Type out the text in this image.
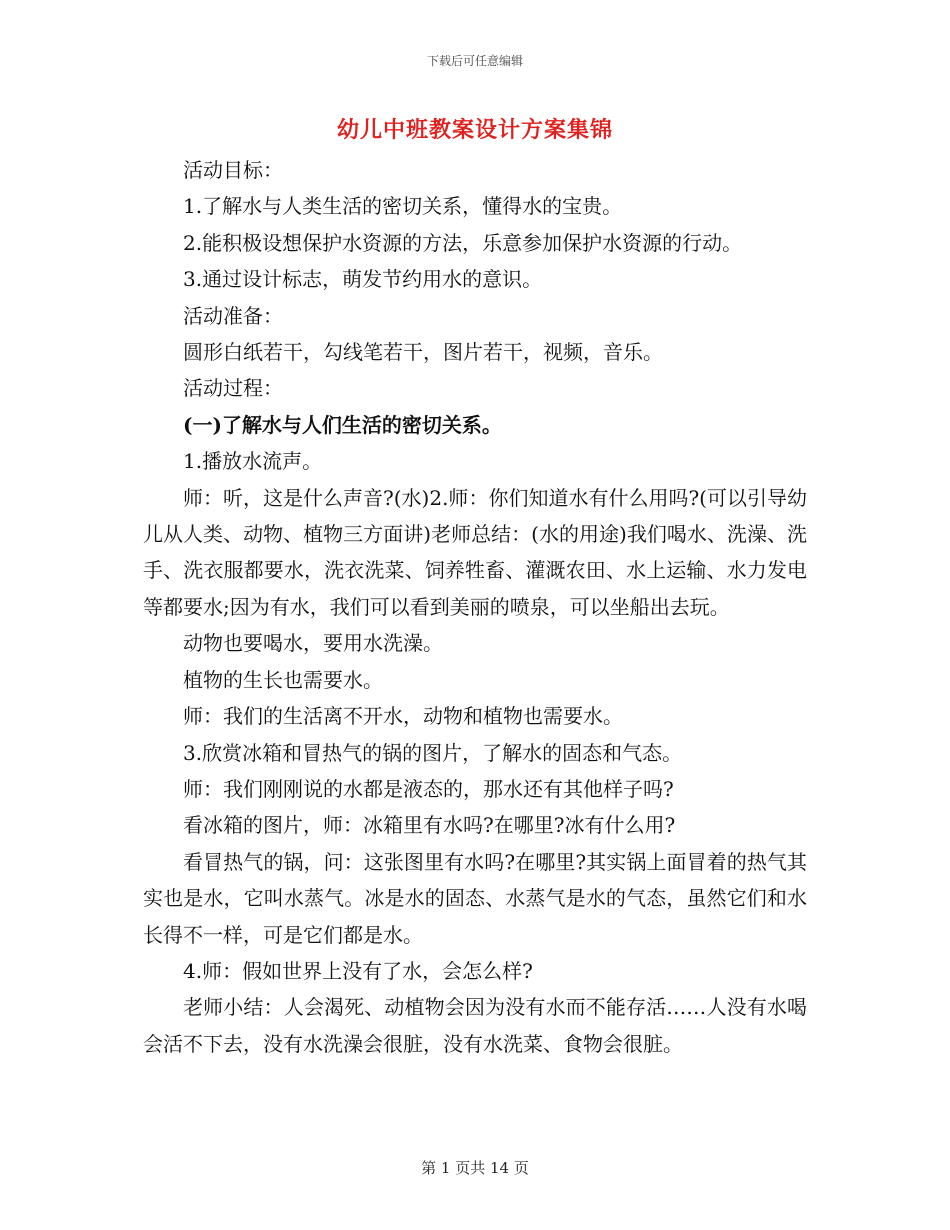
下载后可任意编辑
幼儿中班教案设计方案集锦

活动目标：

1.了解水与人类生活的密切关系，懂得水的宝贵。

2.能积极设想保护水资源的方法，乐意参加保护水资源的行动。

3.通过设计标志，萌发节约用水的意识。

活动准备：

圆形白纸若干，勾线笔若干，图片若干，视频，音乐。

活动过程：

(一)了解水与人们生活的密切关系。

1.播放水流声。

师：听，这是什么声音?(水)2.师：你们知道水有什么用吗?(可以引导幼儿从人类、动物、植物三方面讲)老师总结：(水的用途)我们喝水、洗澡、洗手、洗衣服都要水，洗衣洗菜、饲养牲畜、灌溉农田、水上运输、水力发电等都要水;因为有水，我们可以看到美丽的喷泉，可以坐船出去玩。

动物也要喝水，要用水洗澡。

植物的生长也需要水。

师：我们的生活离不开水，动物和植物也需要水。

3.欣赏冰箱和冒热气的锅的图片，了解水的固态和气态。

师：我们刚刚说的水都是液态的，那水还有其他样子吗?

看冰箱的图片，师：冰箱里有水吗?在哪里?冰有什么用?

看冒热气的锅，问：这张图里有水吗?在哪里?其实锅上面冒着的热气其实也是水，它叫水蒸气。冰是水的固态、水蒸气是水的气态，虽然它们和水长得不一样，可是它们都是水。

4.师：假如世界上没有了水，会怎么样?

老师小结：人会渴死、动植物会因为没有水而不能存活……人没有水喝会活不下去，没有水洗澡会很脏，没有水洗菜、食物会很脏。

第 1 页共 14 页
